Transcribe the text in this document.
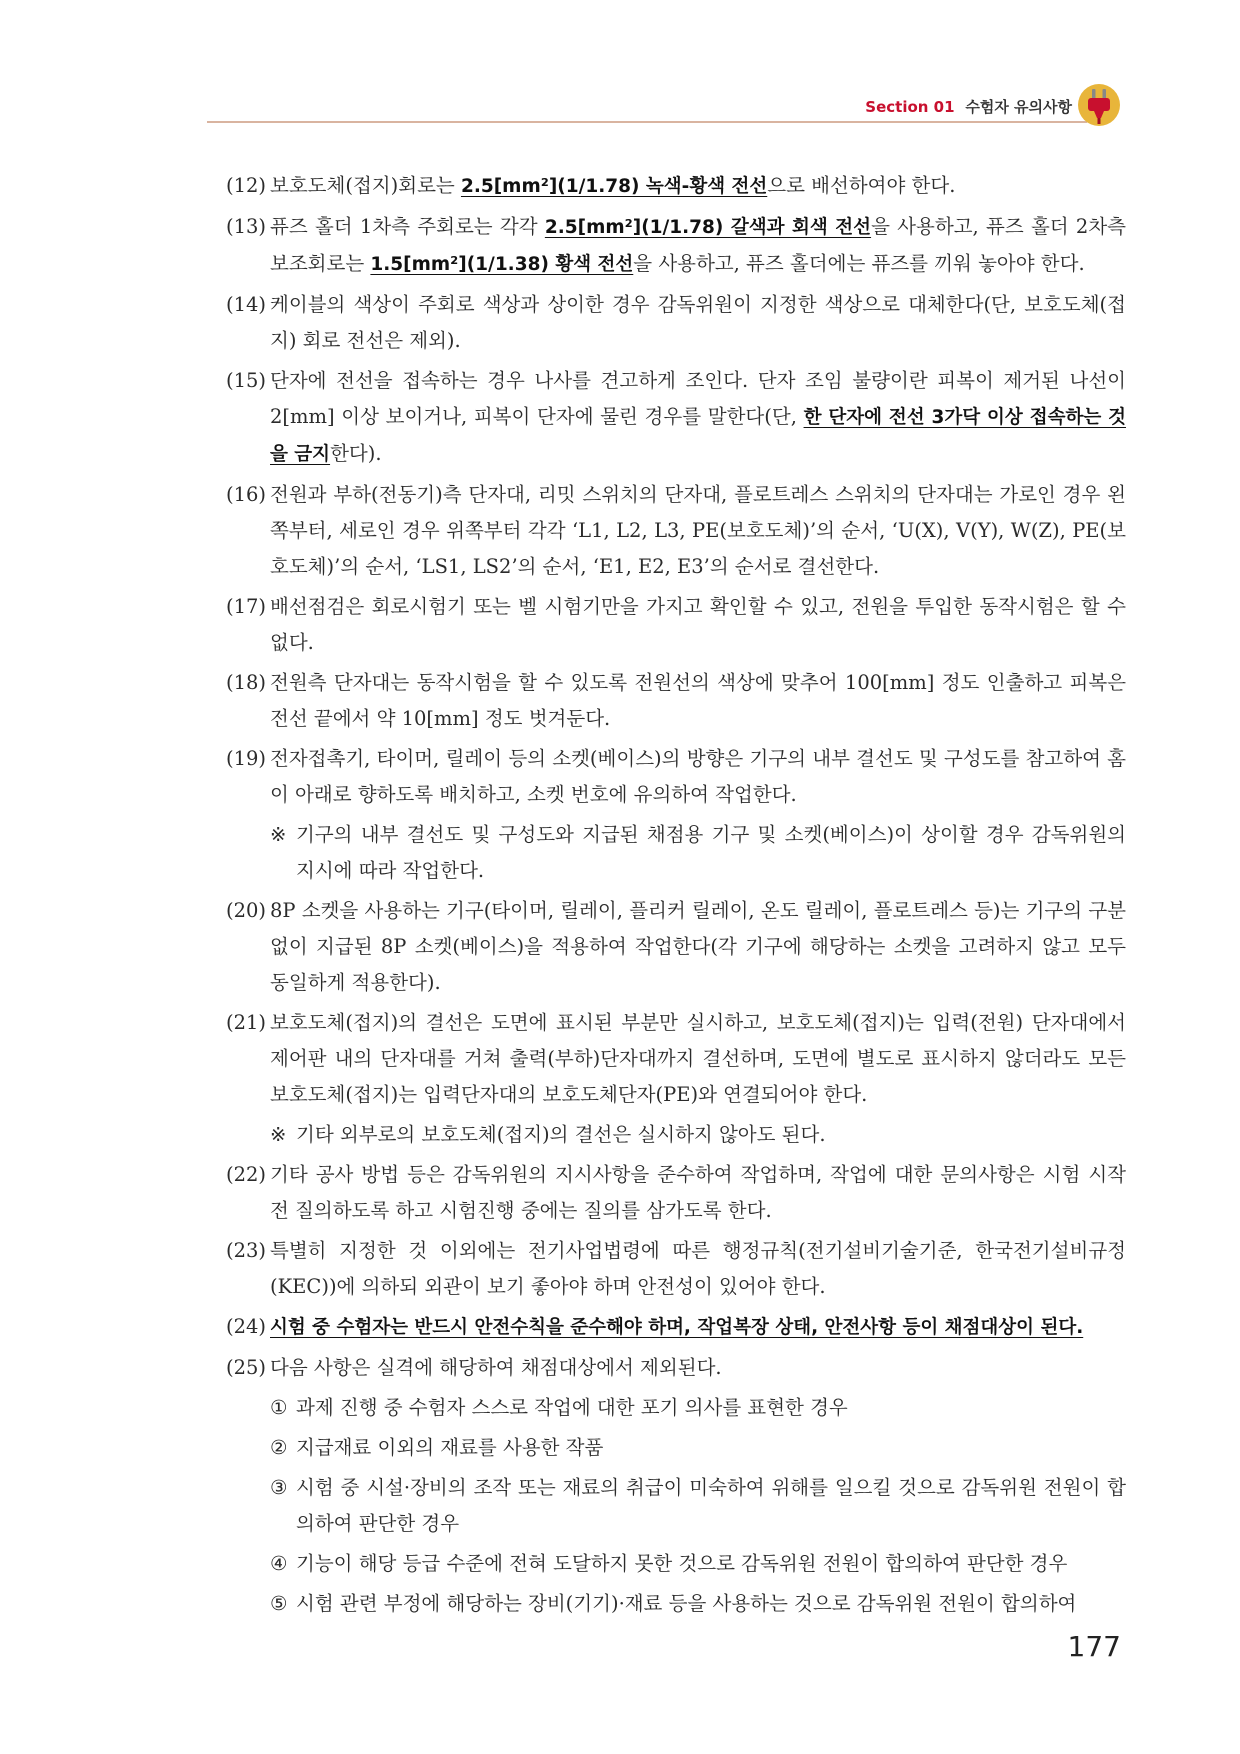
Section 01 수험자 유의사항
(12) 보호도체(접지)회로는 2.5[mm²](1/1.78) 녹색-황색 전선으로 배선하여야 한다.
(13) 퓨즈 홀더 1차측 주회로는 각각 2.5[mm²](1/1.78) 갈색과 회색 전선을 사용하고, 퓨즈 홀더 2차측 보조회로는 1.5[mm²](1/1.38) 황색 전선을 사용하고, 퓨즈 홀더에는 퓨즈를 끼워 놓아야 한다.
(14) 케이블의 색상이 주회로 색상과 상이한 경우 감독위원이 지정한 색상으로 대체한다(단, 보호도체(접지) 회로 전선은 제외).
(15) 단자에 전선을 접속하는 경우 나사를 견고하게 조인다. 단자 조임 불량이란 피복이 제거된 나선이 2[mm] 이상 보이거나, 피복이 단자에 물린 경우를 말한다(단, 한 단자에 전선 3가닥 이상 접속하는 것을 금지한다).
(16) 전원과 부하(전동기)측 단자대, 리밋 스위치의 단자대, 플로트레스 스위치의 단자대는 가로인 경우 왼쪽부터, 세로인 경우 위쪽부터 각각 ‘L1, L2, L3, PE(보호도체)’의 순서, ‘U(X), V(Y), W(Z), PE(보호도체)’의 순서, ‘LS1, LS2’의 순서, ‘E1, E2, E3’의 순서로 결선한다.
(17) 배선점검은 회로시험기 또는 벨 시험기만을 가지고 확인할 수 있고, 전원을 투입한 동작시험은 할 수 없다.
(18) 전원측 단자대는 동작시험을 할 수 있도록 전원선의 색상에 맞추어 100[mm] 정도 인출하고 피복은 전선 끝에서 약 10[mm] 정도 벗겨둔다.
(19) 전자접촉기, 타이머, 릴레이 등의 소켓(베이스)의 방향은 기구의 내부 결선도 및 구성도를 참고하여 홈이 아래로 향하도록 배치하고, 소켓 번호에 유의하여 작업한다.
※ 기구의 내부 결선도 및 구성도와 지급된 채점용 기구 및 소켓(베이스)이 상이할 경우 감독위원의 지시에 따라 작업한다.
(20) 8P 소켓을 사용하는 기구(타이머, 릴레이, 플리커 릴레이, 온도 릴레이, 플로트레스 등)는 기구의 구분 없이 지급된 8P 소켓(베이스)을 적용하여 작업한다(각 기구에 해당하는 소켓을 고려하지 않고 모두 동일하게 적용한다).
(21) 보호도체(접지)의 결선은 도면에 표시된 부분만 실시하고, 보호도체(접지)는 입력(전원) 단자대에서 제어판 내의 단자대를 거쳐 출력(부하)단자대까지 결선하며, 도면에 별도로 표시하지 않더라도 모든 보호도체(접지)는 입력단자대의 보호도체단자(PE)와 연결되어야 한다.
※ 기타 외부로의 보호도체(접지)의 결선은 실시하지 않아도 된다.
(22) 기타 공사 방법 등은 감독위원의 지시사항을 준수하여 작업하며, 작업에 대한 문의사항은 시험 시작 전 질의하도록 하고 시험진행 중에는 질의를 삼가도록 한다.
(23) 특별히 지정한 것 이외에는 전기사업법령에 따른 행정규칙(전기설비기술기준, 한국전기설비규정(KEC))에 의하되 외관이 보기 좋아야 하며 안전성이 있어야 한다.
(24) 시험 중 수험자는 반드시 안전수칙을 준수해야 하며, 작업복장 상태, 안전사항 등이 채점대상이 된다.
(25) 다음 사항은 실격에 해당하여 채점대상에서 제외된다.
① 과제 진행 중 수험자 스스로 작업에 대한 포기 의사를 표현한 경우
② 지급재료 이외의 재료를 사용한 작품
③ 시험 중 시설·장비의 조작 또는 재료의 취급이 미숙하여 위해를 일으킬 것으로 감독위원 전원이 합의하여 판단한 경우
④ 기능이 해당 등급 수준에 전혀 도달하지 못한 것으로 감독위원 전원이 합의하여 판단한 경우
⑤ 시험 관련 부정에 해당하는 장비(기기)·재료 등을 사용하는 것으로 감독위원 전원이 합의하여
177
